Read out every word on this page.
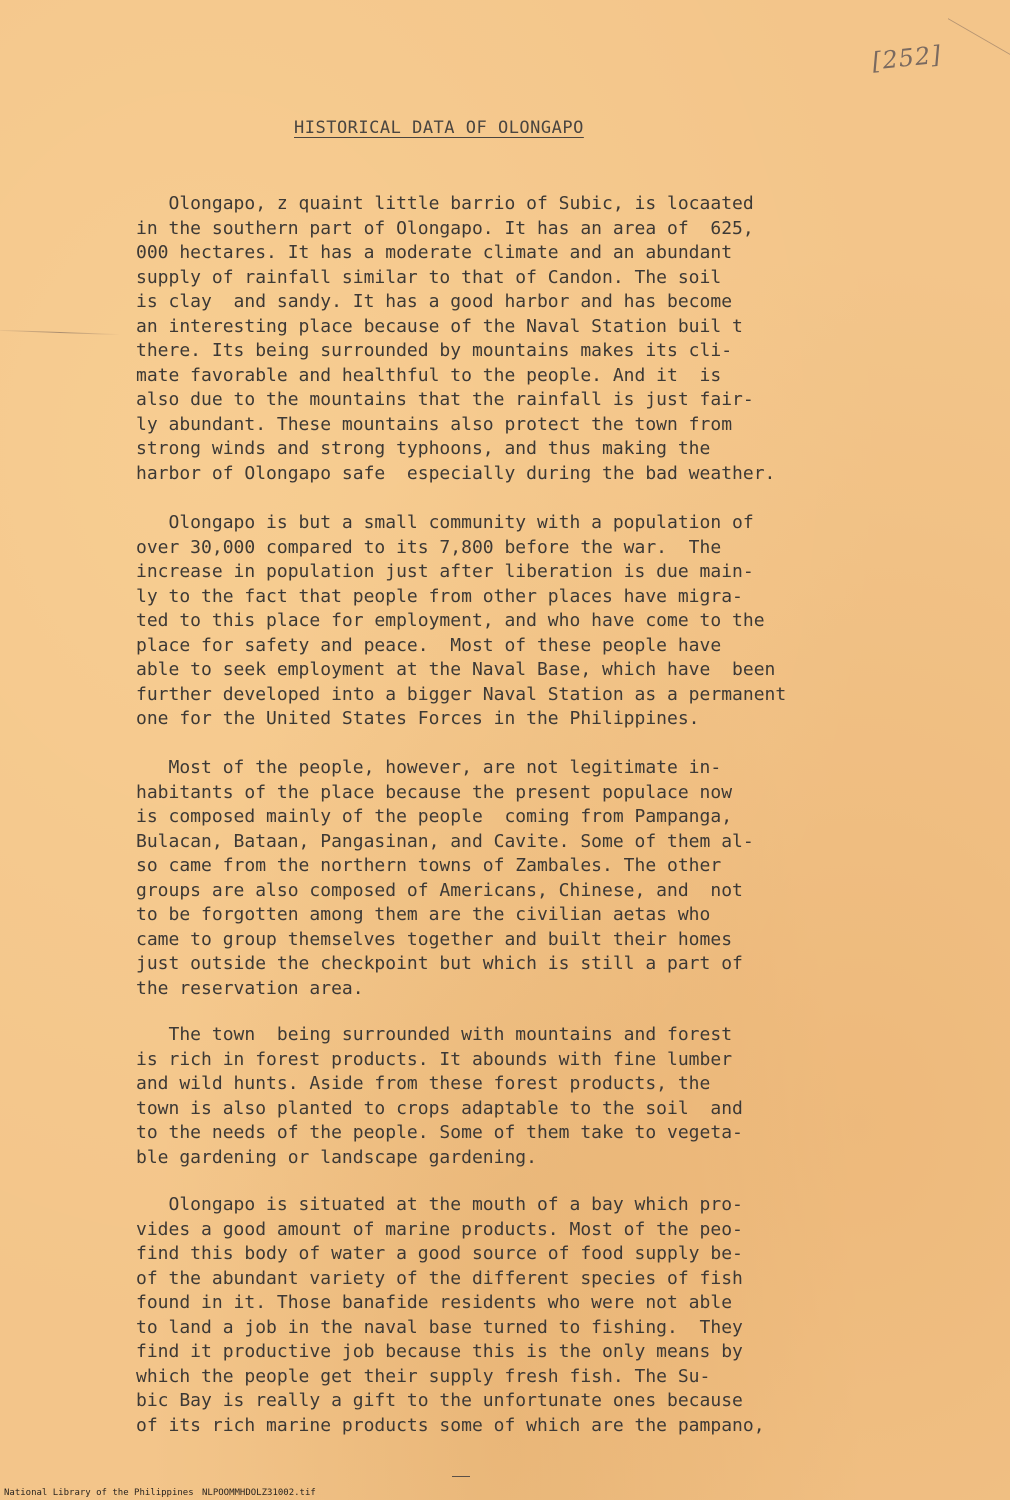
[252]
HISTORICAL DATA OF OLONGAPO
Olongapo, z quaint little barrio of Subic, is locaated
in the southern part of Olongapo. It has an area of  625,
000 hectares. It has a moderate climate and an abundant
supply of rainfall similar to that of Candon. The soil
is clay  and sandy. It has a good harbor and has become
an interesting place because of the Naval Station buil t
there. Its being surrounded by mountains makes its cli-
mate favorable and healthful to the people. And it  is
also due to the mountains that the rainfall is just fair-
ly abundant. These mountains also protect the town from
strong winds and strong typhoons, and thus making the
harbor of Olongapo safe  especially during the bad weather.
Olongapo is but a small community with a population of
over 30,000 compared to its 7,800 before the war.  The
increase in population just after liberation is due main-
ly to the fact that people from other places have migra-
ted to this place for employment, and who have come to the
place for safety and peace.  Most of these people have
able to seek employment at the Naval Base, which have  been
further developed into a bigger Naval Station as a permanent
one for the United States Forces in the Philippines.
Most of the people, however, are not legitimate in-
habitants of the place because the present populace now
is composed mainly of the people  coming from Pampanga,
Bulacan, Bataan, Pangasinan, and Cavite. Some of them al-
so came from the northern towns of Zambales. The other
groups are also composed of Americans, Chinese, and  not
to be forgotten among them are the civilian aetas who
came to group themselves together and built their homes
just outside the checkpoint but which is still a part of
the reservation area.
The town  being surrounded with mountains and forest
is rich in forest products. It abounds with fine lumber
and wild hunts. Aside from these forest products, the
town is also planted to crops adaptable to the soil  and
to the needs of the people. Some of them take to vegeta-
ble gardening or landscape gardening.
Olongapo is situated at the mouth of a bay which pro-
vides a good amount of marine products. Most of the peo-
find this body of water a good source of food supply be-
of the abundant variety of the different species of fish
found in it. Those banafide residents who were not able
to land a job in the naval base turned to fishing.  They
find it productive job because this is the only means by
which the people get their supply fresh fish. The Su-
bic Bay is really a gift to the unfortunate ones because
of its rich marine products some of which are the pampano,
National Library of the Philippines NLPOOMMHDOLZ31002.tif
